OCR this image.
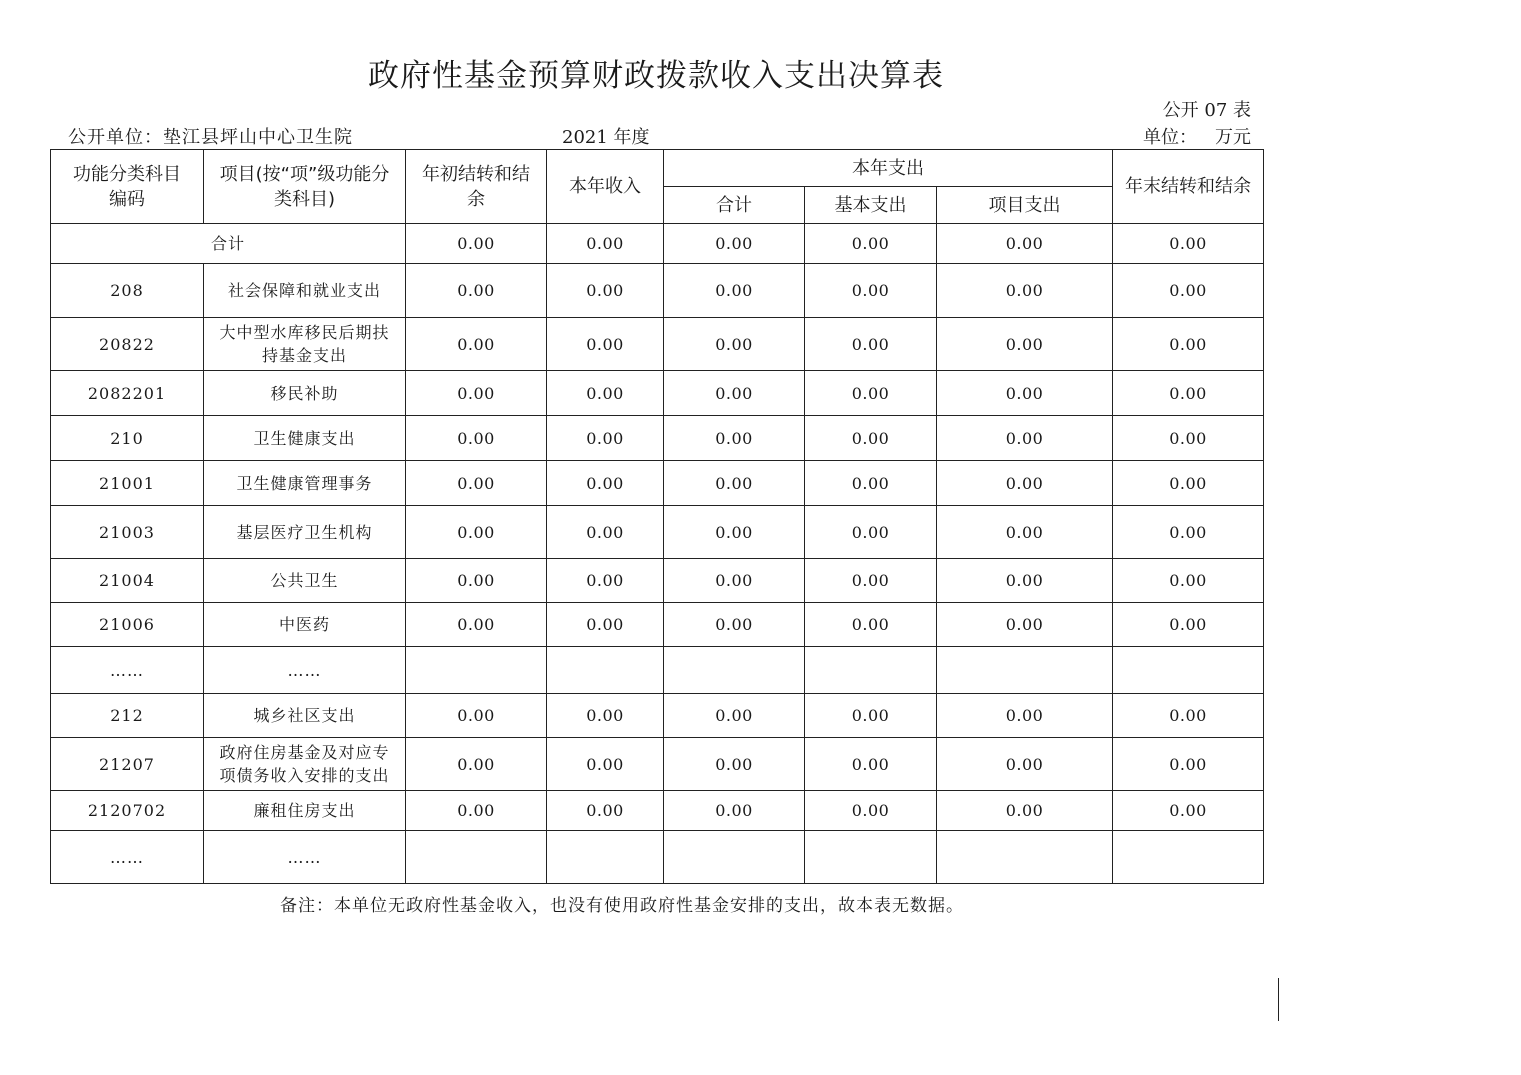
政府性基金预算财政拨款收入支出决算表
公开 07 表
公开单位：垫江县坪山中心卫生院	2021 年度	单位： 万元
功能分类科目编码	项目(按“项”级功能分类科目)	年初结转和结余	本年收入	本年支出			年末结转和结余
				合计	基本支出	项目支出	
合计		0.00	0.00	0.00	0.00	0.00	0.00
208	社会保障和就业支出	0.00	0.00	0.00	0.00	0.00	0.00
20822	大中型水库移民后期扶持基金支出	0.00	0.00	0.00	0.00	0.00	0.00
2082201	移民补助	0.00	0.00	0.00	0.00	0.00	0.00
210	卫生健康支出	0.00	0.00	0.00	0.00	0.00	0.00
21001	卫生健康管理事务	0.00	0.00	0.00	0.00	0.00	0.00
21003	基层医疗卫生机构	0.00	0.00	0.00	0.00	0.00	0.00
21004	公共卫生	0.00	0.00	0.00	0.00	0.00	0.00
21006	中医药	0.00	0.00	0.00	0.00	0.00	0.00
……	……						
212	城乡社区支出	0.00	0.00	0.00	0.00	0.00	0.00
21207	政府住房基金及对应专项债务收入安排的支出	0.00	0.00	0.00	0.00	0.00	0.00
2120702	廉租住房支出	0.00	0.00	0.00	0.00	0.00	0.00
……	……						
备注：本单位无政府性基金收入，也没有使用政府性基金安排的支出，故本表无数据。
